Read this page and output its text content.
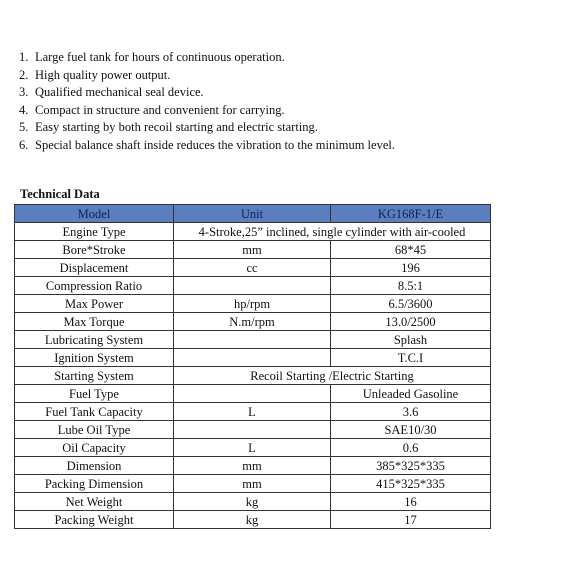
1. Large fuel tank for hours of continuous operation.
2. High quality power output.
3. Qualified mechanical seal device.
4. Compact in structure and convenient for carrying.
5. Easy starting by both recoil starting and electric starting.
6. Special balance shaft inside reduces the vibration to the minimum level.
Technical Data
Model	Unit	KG168F-1/E
Engine Type	4-Stroke,25” inclined, single cylinder with air-cooled	
Bore*Stroke	mm	68*45
Displacement	cc	196
Compression Ratio		8.5:1
Max Power	hp/rpm	6.5/3600
Max Torque	N.m/rpm	13.0/2500
Lubricating System		Splash
Ignition System		T.C.I
Starting System	Recoil Starting /Electric Starting	
Fuel Type		Unleaded Gasoline
Fuel Tank Capacity	L	3.6
Lube Oil Type		SAE10/30
Oil Capacity	L	0.6
Dimension	mm	385*325*335
Packing Dimension	mm	415*325*335
Net Weight	kg	16
Packing Weight	kg	17
